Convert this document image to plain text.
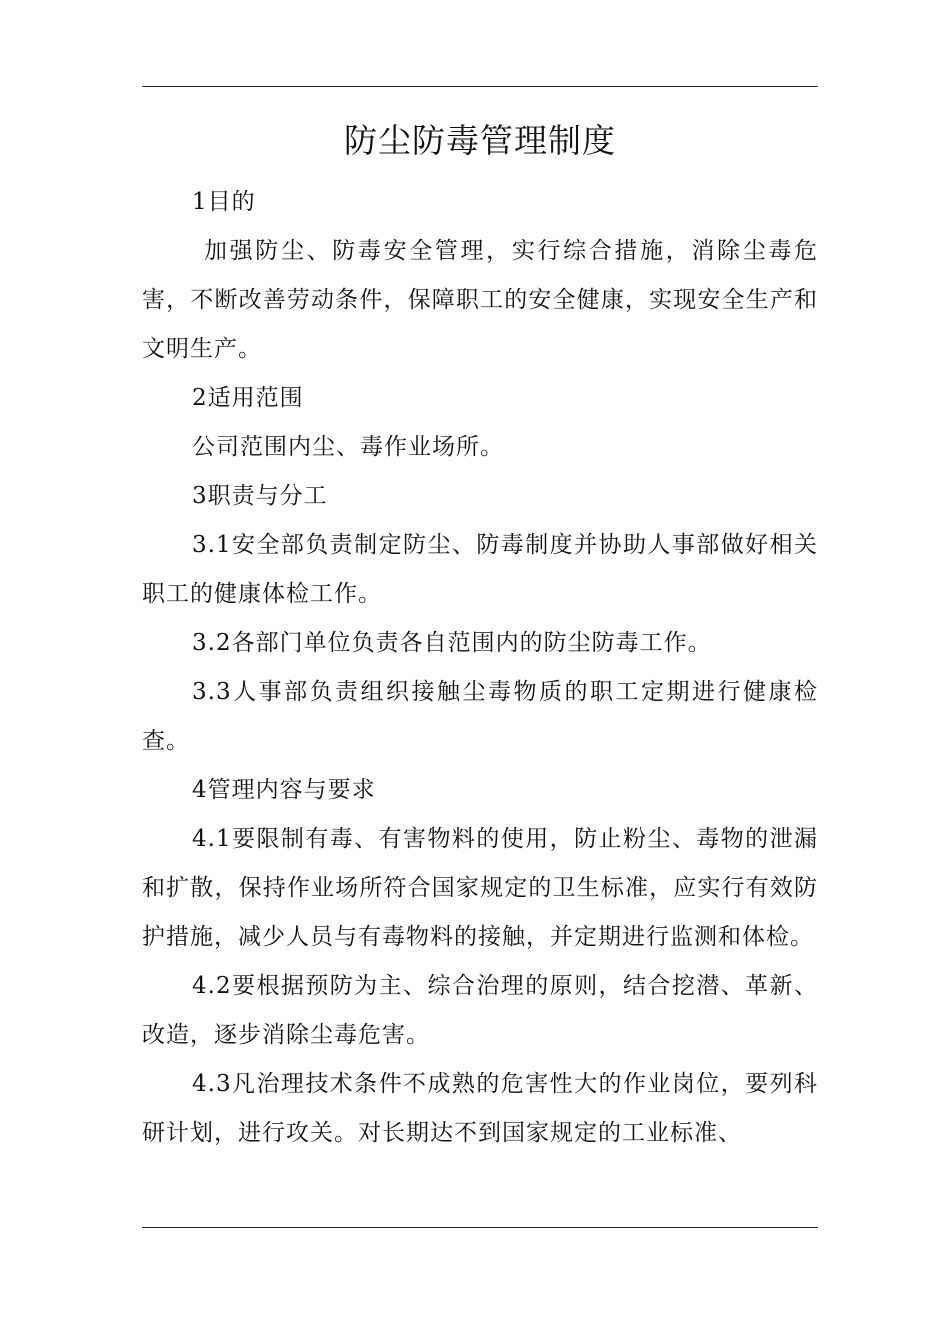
防尘防毒管理制度

1目的

加强防尘、防毒安全管理，实行综合措施，消除尘毒危害，不断改善劳动条件，保障职工的安全健康，实现安全生产和文明生产。

2适用范围

公司范围内尘、毒作业场所。

3职责与分工

3.1安全部负责制定防尘、防毒制度并协助人事部做好相关职工的健康体检工作。

3.2各部门单位负责各自范围内的防尘防毒工作。

3.3人事部负责组织接触尘毒物质的职工定期进行健康检查。

4管理内容与要求

4.1要限制有毒、有害物料的使用，防止粉尘、毒物的泄漏和扩散，保持作业场所符合国家规定的卫生标准，应实行有效防护措施，减少人员与有毒物料的接触，并定期进行监测和体检。

4.2要根据预防为主、综合治理的原则，结合挖潜、革新、改造，逐步消除尘毒危害。

4.3凡治理技术条件不成熟的危害性大的作业岗位，要列科研计划，进行攻关。对长期达不到国家规定的工业标准、
